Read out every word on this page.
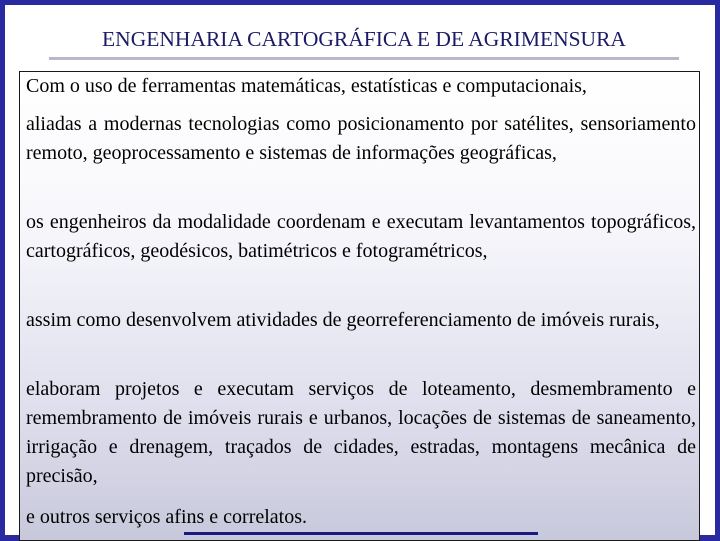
ENGENHARIA CARTOGRÁFICA E DE AGRIMENSURA

Com o uso de ferramentas matemáticas, estatísticas e computacionais,

aliadas a modernas tecnologias como posicionamento por satélites, sensoriamento remoto, geoprocessamento e sistemas de informações geográficas,

os engenheiros da modalidade coordenam e executam levantamentos topográficos, cartográficos, geodésicos, batimétricos e fotogramétricos,

assim como desenvolvem atividades de georreferenciamento de imóveis rurais,

elaboram projetos e executam serviços de loteamento, desmembramento e remembramento de imóveis rurais e urbanos, locações de sistemas de saneamento, irrigação e drenagem, traçados de cidades, estradas, montagens mecânica de precisão,

e outros serviços afins e correlatos.
